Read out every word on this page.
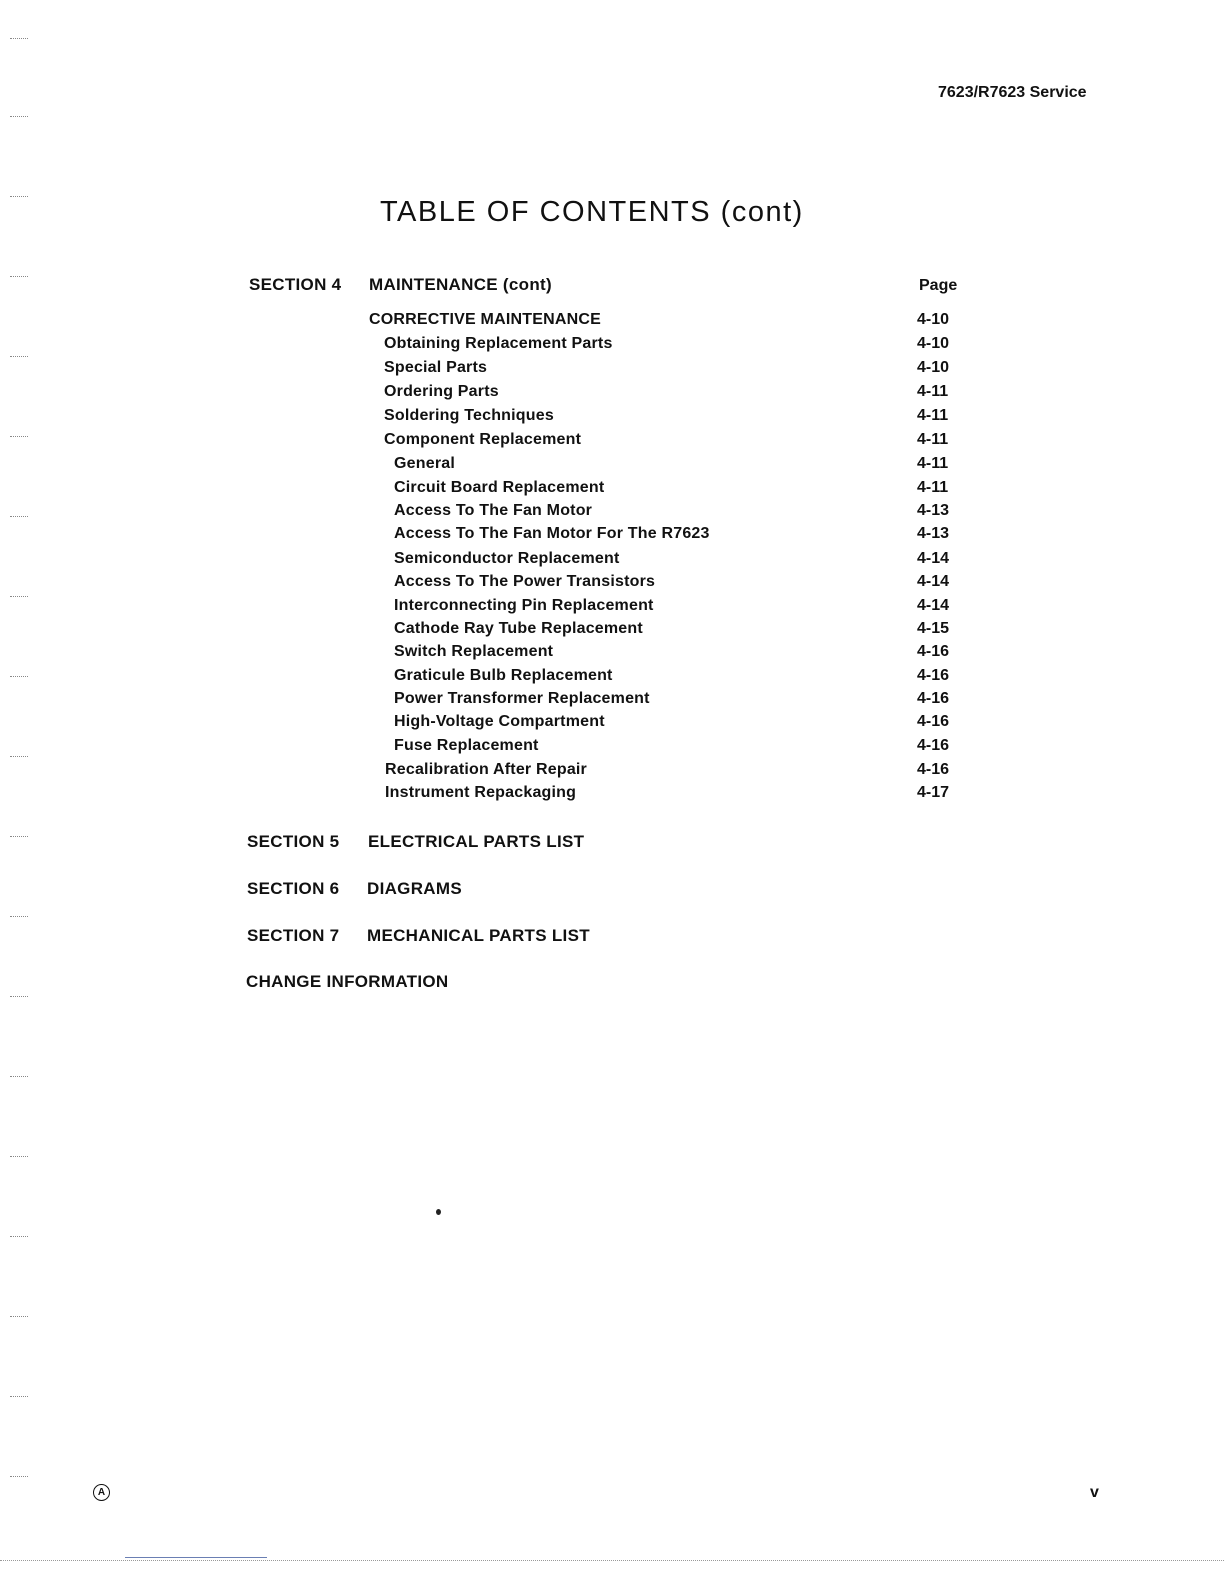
7623/R7623 Service
TABLE OF CONTENTS (cont)
SECTION 4 MAINTENANCE (cont)	Page
CORRECTIVE MAINTENANCE	4-10
Obtaining Replacement Parts	4-10
Special Parts	4-10
Ordering Parts	4-11
Soldering Techniques	4-11
Component Replacement	4-11
General	4-11
Circuit Board Replacement	4-11
Access To The Fan Motor	4-13
Access To The Fan Motor For The R7623	4-13
Semiconductor Replacement	4-14
Access To The Power Transistors	4-14
Interconnecting Pin Replacement	4-14
Cathode Ray Tube Replacement	4-15
Switch Replacement	4-16
Graticule Bulb Replacement	4-16
Power Transformer Replacement	4-16
High-Voltage Compartment	4-16
Fuse Replacement	4-16
Recalibration After Repair	4-16
Instrument Repackaging	4-17
SECTION 5 ELECTRICAL PARTS LIST
SECTION 6 DIAGRAMS
SECTION 7 MECHANICAL PARTS LIST
CHANGE INFORMATION
A	v
